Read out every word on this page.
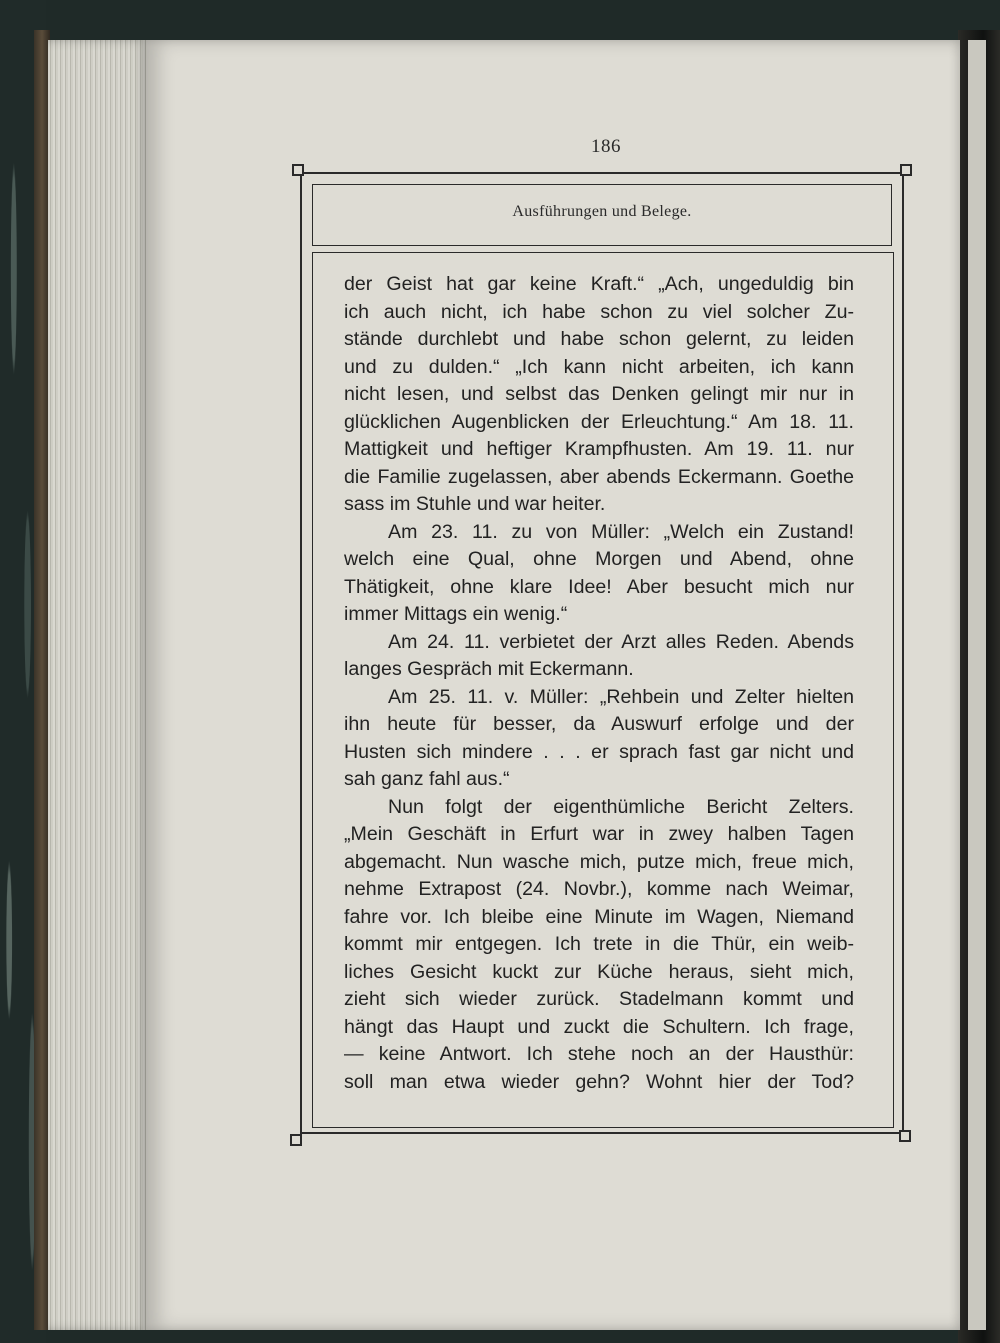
186
Ausführungen und Belege.
der Geist hat gar keine Kraft.“ „Ach, ungeduldig bin
ich auch nicht, ich habe schon zu viel solcher Zu-
stände durchlebt und habe schon gelernt, zu leiden
und zu dulden.“ „Ich kann nicht arbeiten, ich kann
nicht lesen, und selbst das Denken gelingt mir nur in
glücklichen Augenblicken der Erleuchtung.“ Am 18. 11.
Mattigkeit und heftiger Krampfhusten. Am 19. 11. nur
die Familie zugelassen, aber abends Eckermann. Goethe
sass im Stuhle und war heiter.
Am 23. 11. zu von Müller: „Welch ein Zustand!
welch eine Qual, ohne Morgen und Abend, ohne
Thätigkeit, ohne klare Idee! Aber besucht mich nur
immer Mittags ein wenig.“
Am 24. 11. verbietet der Arzt alles Reden. Abends
langes Gespräch mit Eckermann.
Am 25. 11. v. Müller: „Rehbein und Zelter hielten
ihn heute für besser, da Auswurf erfolge und der
Husten sich mindere . . . er sprach fast gar nicht und
sah ganz fahl aus.“
Nun folgt der eigenthümliche Bericht Zelters.
„Mein Geschäft in Erfurt war in zwey halben Tagen
abgemacht. Nun wasche mich, putze mich, freue mich,
nehme Extrapost (24. Novbr.), komme nach Weimar,
fahre vor. Ich bleibe eine Minute im Wagen, Niemand
kommt mir entgegen. Ich trete in die Thür, ein weib-
liches Gesicht kuckt zur Küche heraus, sieht mich,
zieht sich wieder zurück. Stadelmann kommt und
hängt das Haupt und zuckt die Schultern. Ich frage,
— keine Antwort. Ich stehe noch an der Hausthür:
soll man etwa wieder gehn? Wohnt hier der Tod?
